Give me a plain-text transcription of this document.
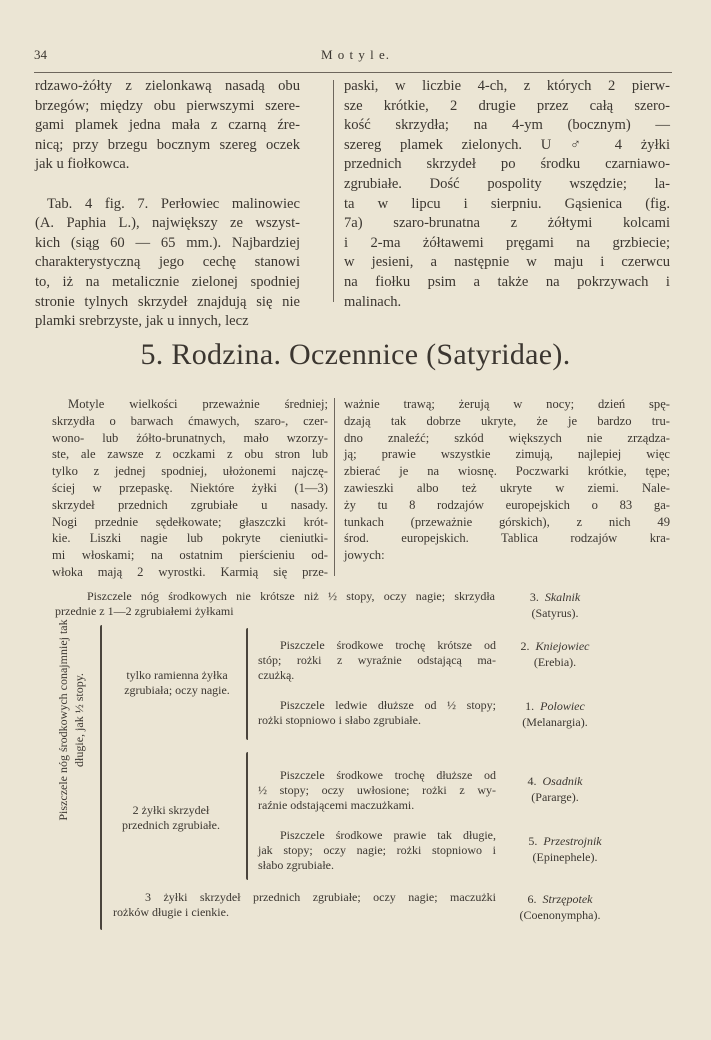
34	M o t y l e.
rdzawo-żółty z zielonkawą nasadą obu
brzegów; między obu pierwszymi szere-
gami plamek jedna mała z czarną źre-
nicą; przy brzegu bocznym szereg oczek
jak u fiołkowca.
Tab. 4 fig. 7. Perłowiec malinowiec
(A. Paphia L.), największy ze wszyst-
kich (siąg 60 — 65 mm.). Najbardziej
charakterystyczną jego cechę stanowi
to, iż na metalicznie zielonej spodniej
stronie tylnych skrzydeł znajdują się nie
plamki srebrzyste, jak u innych, lecz
paski, w liczbie 4-ch, z których 2 pierw-
sze krótkie, 2 drugie przez całą szero-
kość skrzydła; na 4-ym (bocznym) —
szereg plamek zielonych. U ♂ 4 żyłki
przednich skrzydeł po środku czarniawo-
zgrubiałe. Dość pospolity wszędzie; la-
ta w lipcu i sierpniu. Gąsienica (fig.
7a) szaro-brunatna z żółtymi kolcami
i 2-ma żółtawemi pręgami na grzbiecie;
w jesieni, a następnie w maju i czerwcu
na fiołku psim a także na pokrzywach i
malinach.
5. Rodzina. Oczennice (Satyridae).
Motyle wielkości przeważnie średniej;
skrzydła o barwach ćmawych, szaro-, czer-
wono- lub żółto-brunatnych, mało wzorzy-
ste, ale zawsze z oczkami z obu stron lub
tylko z jednej spodniej, ułożonemi najczę-
ściej w przepaskę. Niektóre żyłki (1—3)
skrzydeł przednich zgrubiałe u nasady.
Nogi przednie sędełkowate; głaszczki krót-
kie. Liszki nagie lub pokryte cieniutki-
mi włoskami; na ostatnim pierścieniu od-
włoka mają 2 wyrostki. Karmią się prze-
ważnie trawą; żerują w nocy; dzień spę-
dzają tak dobrze ukryte, że je bardzo tru-
dno znaleźć; szkód większych nie zrządza-
ją; prawie wszystkie zimują, najlepiej więc
zbierać je na wiosnę. Poczwarki krótkie, tępe;
zawieszki albo też ukryte w ziemi. Nale-
ży tu 8 rodzajów europejskich o 83 ga-
tunkach (przeważnie górskich), z nich 49
środ. europejskich. Tablica rodzajów kra-
jowych:
Piszczele nóg środkowych nie krótsze niż ½ stopy, oczy nagie; skrzydła
przednie z 1—2 zgrubiałemi żyłkami
Piszczele nóg środkowych conajmniej tak długie, jak ½ stopy.	tylko ramienna żyłka
zgrubiała; oczy nagie.
Piszczele środkowe trochę krótsze od
stóp; rożki z wyraźnie odstającą ma-
czużką.
Piszczele ledwie dłuższe od ½ stopy;
rożki stopniowo i słabo zgrubiałe.
2 żyłki skrzydeł
przednich zgrubiałe.
Piszczele środkowe trochę dłuższe od
½ stopy; oczy uwłosione; rożki z wy-
raźnie odstającemi maczużkami.
Piszczele środkowe prawie tak długie,
jak stopy; oczy nagie; rożki stopniowo i
słabo zgrubiałe.
3 żyłki skrzydeł przednich zgrubiałe; oczy nagie; maczużki
rożków długie i cienkie.
3. Skalnik
(Satyrus).
2. Kniejowiec
(Erebia).
1. Polowiec
(Melanargia).
4. Osadnik
(Pararge).
5. Przestrojnik
(Epinephele).
6. Strzępotek
(Coenonympha).
